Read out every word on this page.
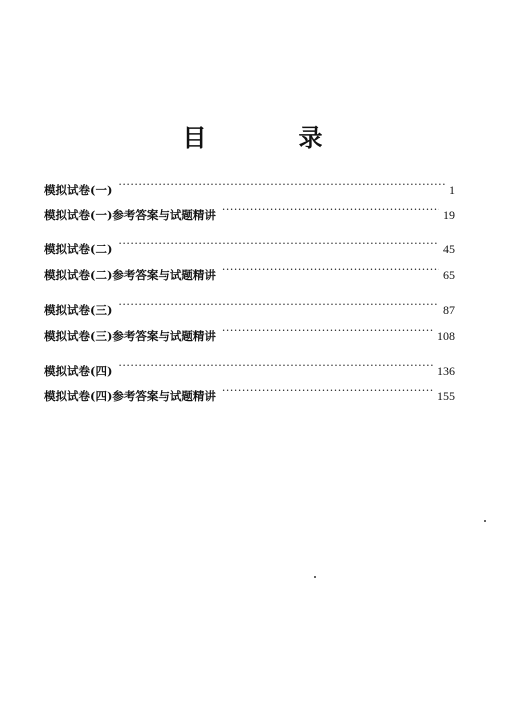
目　录
模拟试卷(一) ·····	1
模拟试卷(一)参考答案与试题精讲 ·····	19
模拟试卷(二) ·····	45
模拟试卷(二)参考答案与试题精讲 ·····	65
模拟试卷(三) ·····	87
模拟试卷(三)参考答案与试题精讲 ·····	108
模拟试卷(四) ·····	136
模拟试卷(四)参考答案与试题精讲 ·····	155
